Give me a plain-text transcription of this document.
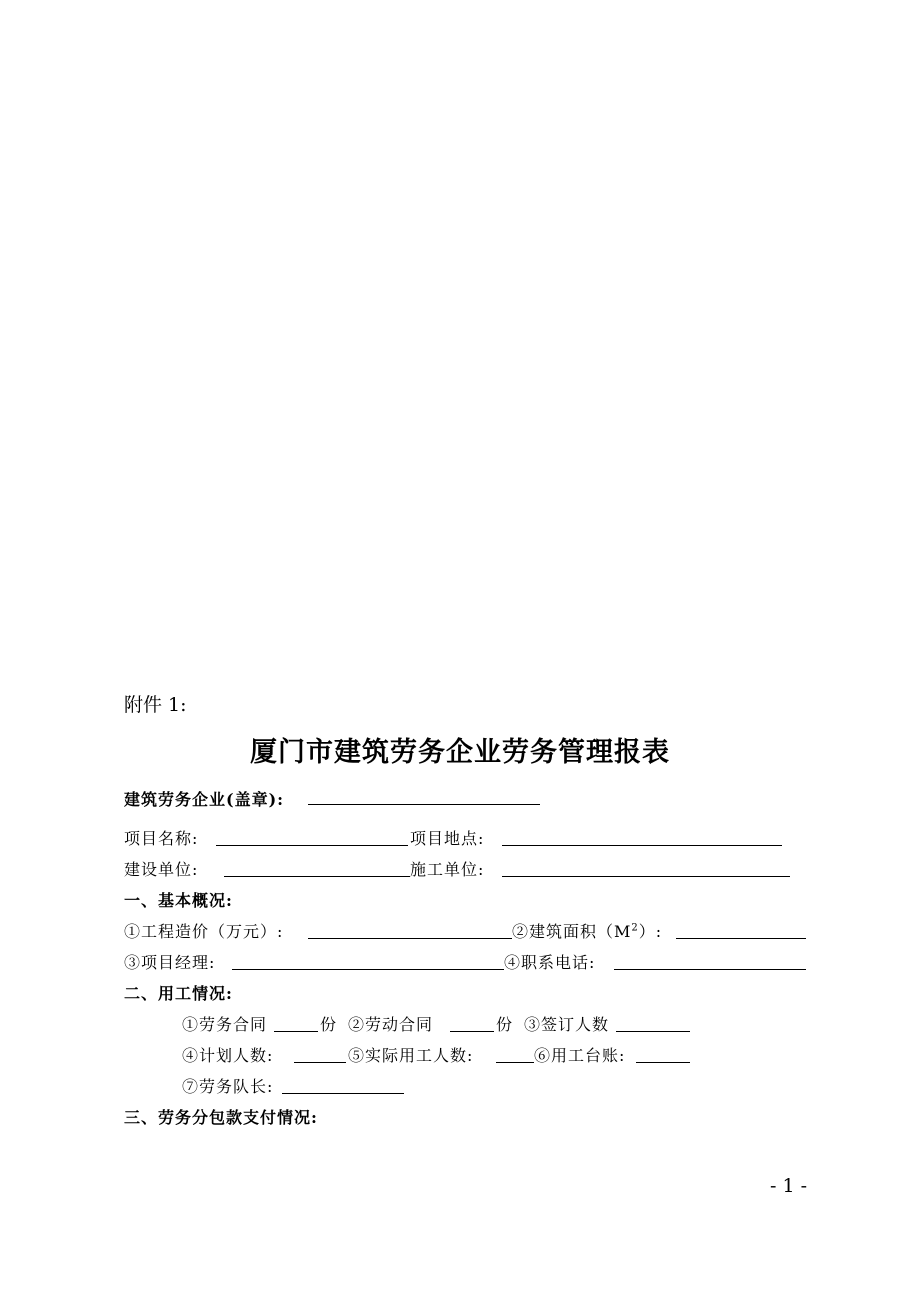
附件 1:
厦门市建筑劳务企业劳务管理报表
建筑劳务企业(盖章):
项目名称:	项目地点:
建设单位:	施工单位:
一、基本概况:
①工程造价（万元）:	②建筑面积$(M^2)$:
③项目经理:	④职系电话:
二、用工情况:
①劳务合同	份 ②劳动合同	份 ③签订人数
④计划人数:	⑤实际用工人数:	⑥用工台账:
⑦劳务队长:
三、劳务分包款支付情况:
- 1 -
